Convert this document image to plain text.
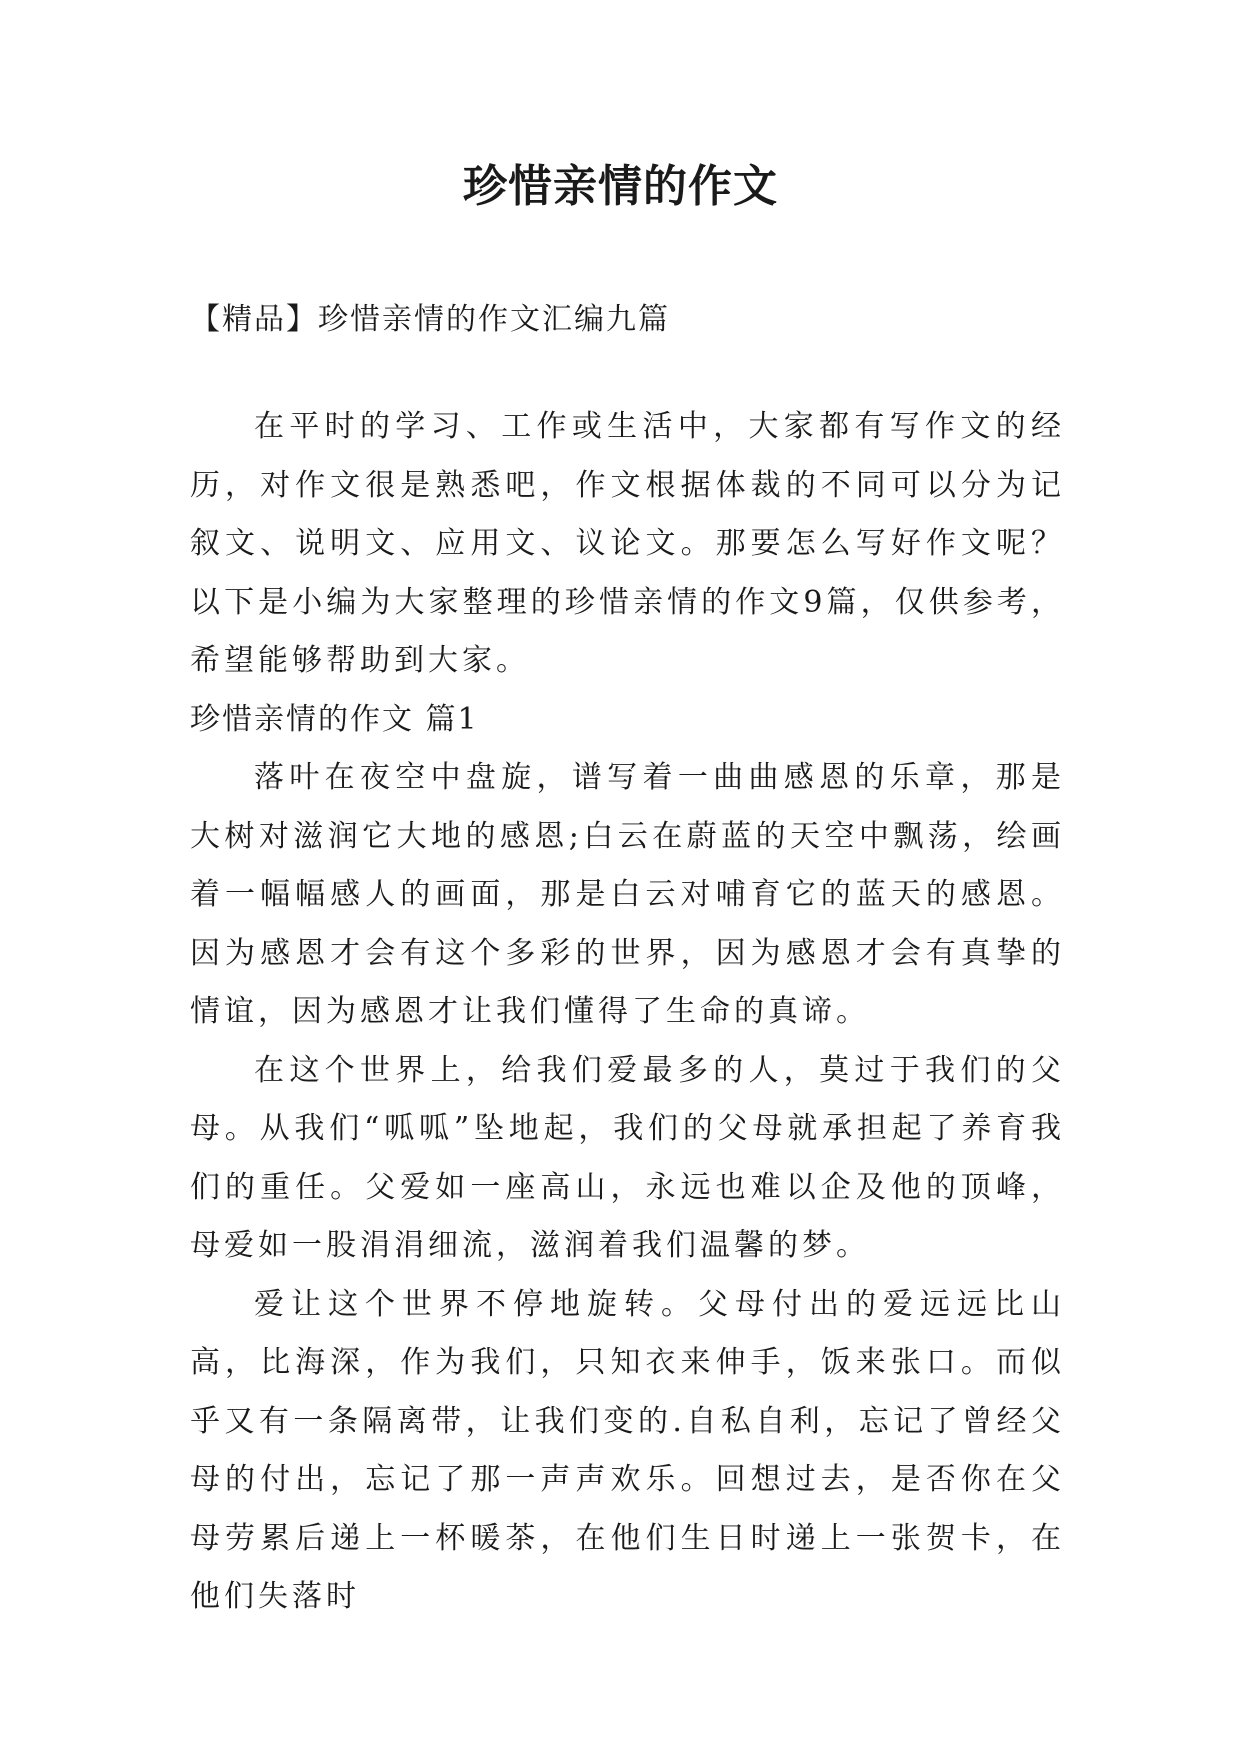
珍惜亲情的作文

【精品】珍惜亲情的作文汇编九篇

在平时的学习、工作或生活中，大家都有写作文的经历，对作文很是熟悉吧，作文根据体裁的不同可以分为记叙文、说明文、应用文、议论文。那要怎么写好作文呢？以下是小编为大家整理的珍惜亲情的作文9篇，仅供参考，希望能够帮助到大家。

珍惜亲情的作文 篇1

落叶在夜空中盘旋，谱写着一曲曲感恩的乐章，那是大树对滋润它大地的感恩;白云在蔚蓝的天空中飘荡，绘画着一幅幅感人的画面，那是白云对哺育它的蓝天的感恩。因为感恩才会有这个多彩的世界，因为感恩才会有真挚的情谊，因为感恩才让我们懂得了生命的真谛。

在这个世界上，给我们爱最多的人，莫过于我们的父母。从我们“呱呱”坠地起，我们的父母就承担起了养育我们的重任。父爱如一座高山，永远也难以企及他的顶峰，母爱如一股涓涓细流，滋润着我们温馨的梦。

爱让这个世界不停地旋转。父母付出的爱远远比山高，比海深，作为我们，只知衣来伸手，饭来张口。而似乎又有一条隔离带，让我们变的.自私自利，忘记了曾经父母的付出，忘记了那一声声欢乐。回想过去，是否你在父母劳累后递上一杯暖茶，在他们生日时递上一张贺卡，在他们失落时
